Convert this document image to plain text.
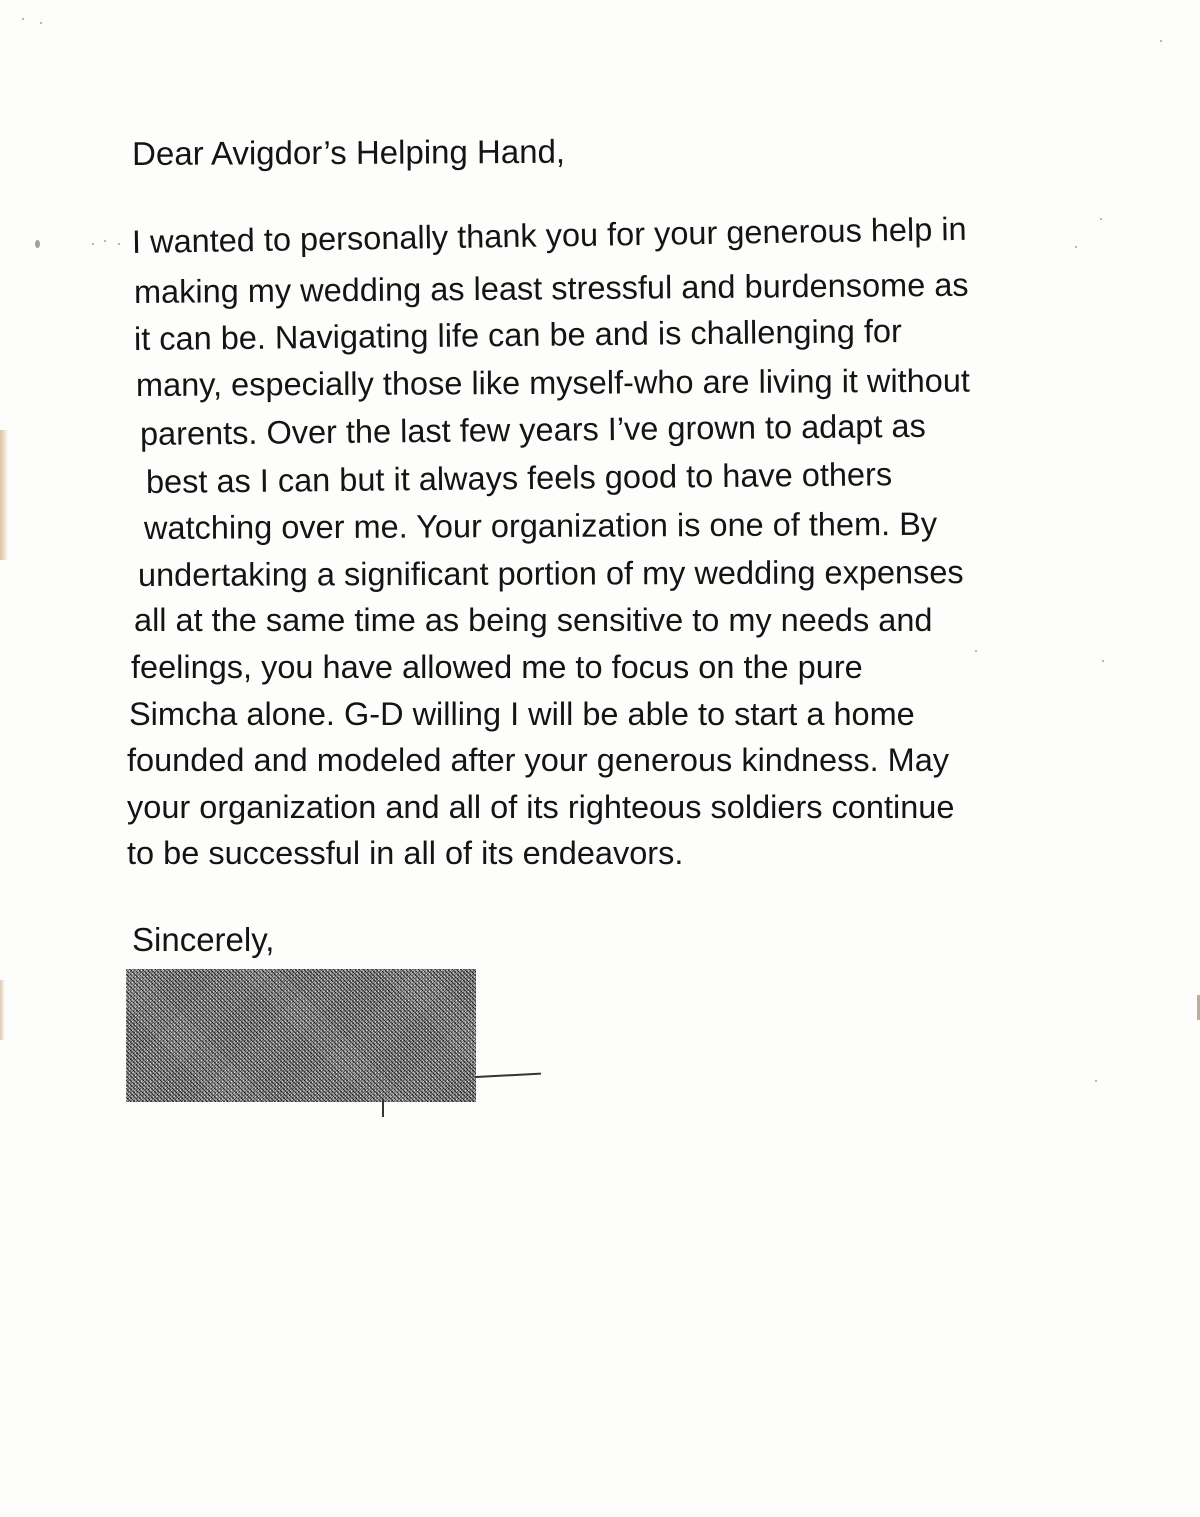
Dear Avigdor’s Helping Hand,
I wanted to personally thank you for your generous help in
making my wedding as least stressful and burdensome as
it can be. Navigating life can be and is challenging for
many, especially those like myself-who are living it without
parents. Over the last few years I’ve grown to adapt as
best as I can but it always feels good to have others
watching over me. Your organization is one of them. By
undertaking a significant portion of my wedding expenses
all at the same time as being sensitive to my needs and
feelings, you have allowed me to focus on the pure
Simcha alone. G-D willing I will be able to start a home
founded and modeled after your generous kindness. May
your organization and all of its righteous soldiers continue
to be successful in all of its endeavors.
Sincerely,
